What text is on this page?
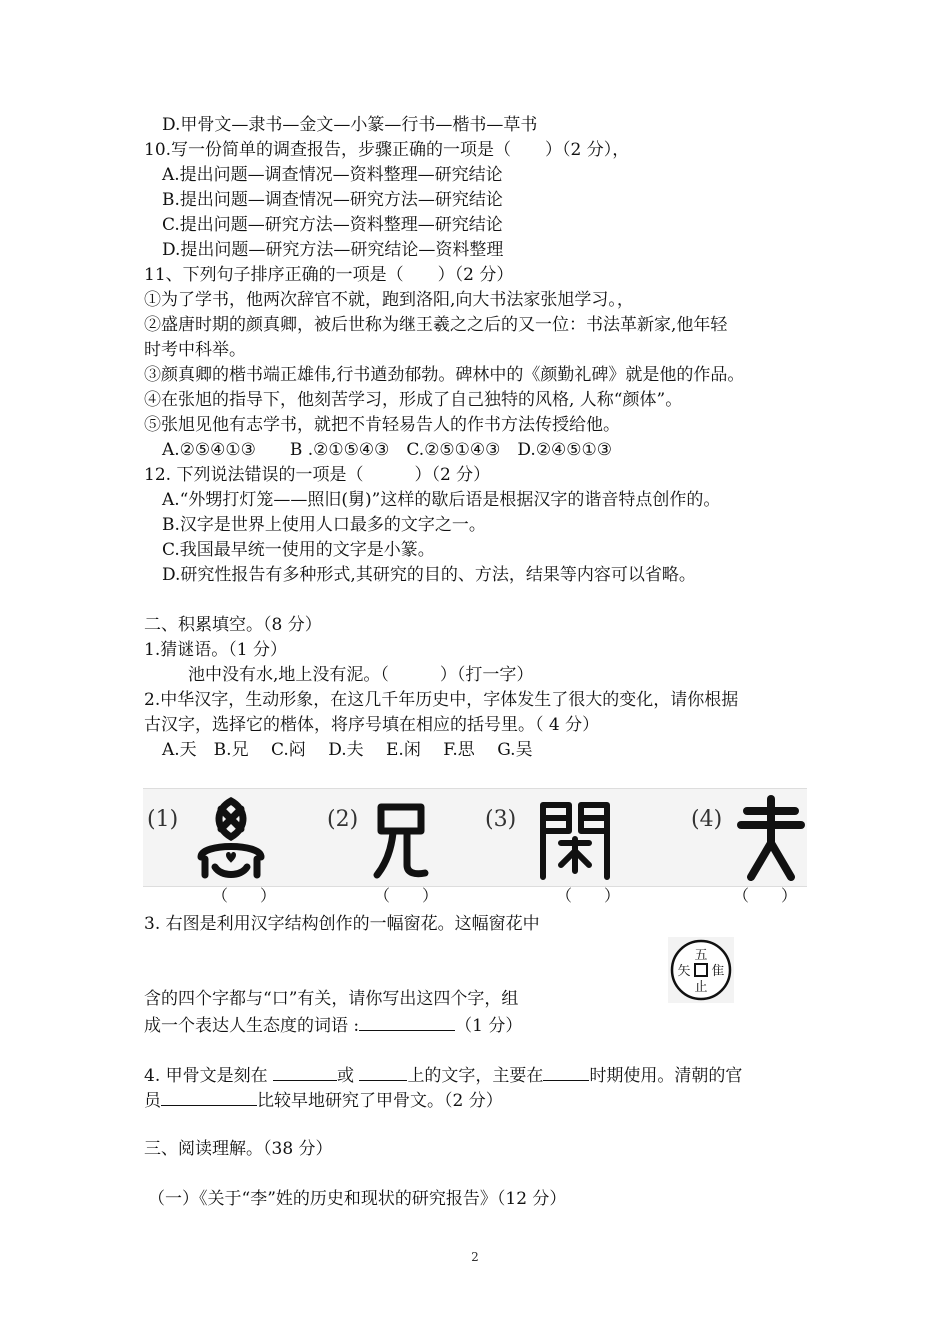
D.甲骨文—隶书—金文—小篆—行书—楷书—草书
10.写一份简单的调查报告，步骤正确的一项是（　　）（2 分），
A.提出问题—调查情况—资料整理—研究结论
B.提出问题—调查情况—研究方法—研究结论
C.提出问题—研究方法—资料整理—研究结论
D.提出问题—研究方法—研究结论—资料整理
11、下列句子排序正确的一项是（　　）（2 分）
①为了学书，他两次辞官不就，跑到洛阳,向大书法家张旭学习。，
②盛唐时期的颜真卿，被后世称为继王羲之之后的又一位：书法革新家,他年轻
时考中科举。
③颜真卿的楷书端正雄伟,行书遒劲郁勃。碑林中的《颜勤礼碑》就是他的作品。
④在张旭的指导下，他刻苦学习，形成了自己独特的风格, 人称“颜体”。
⑤张旭见他有志学书，就把不肯轻易告人的作书方法传授给他。
A.②⑤④①③　　B .②①⑤④③　C.②⑤①④③　D.②④⑤①③
12. 下列说法错误的一项是（　　　）（2 分）
A.“外甥打灯笼——照旧(舅)”这样的歇后语是根据汉字的谐音特点创作的。
B.汉字是世界上使用人口最多的文字之一。
C.我国最早统一使用的文字是小篆。
D.研究性报告有多种形式,其研究的目的、方法，结果等内容可以省略。
二、积累填空。（8 分）
1.猜谜语。（1 分）
池中没有水,地上没有泥。（　　　）（打一字）
2.中华汉字，生动形象，在这几千年历史中，字体发生了很大的变化，请你根据
古汉字，选择它的楷体，将序号填在相应的括号里。（ 4 分）
A.天　B.兄　 C.闷　 D.夫　 E.闲　 F.思　 G.吴
(1)	(2)	(3)	(4)
（　　）	（　　）	（　　）	（　　）
3. 右图是利用汉字结构创作的一幅窗花。这幅窗花中
五
隹
矢
止
含的四个字都与“口”有关，请你写出这四个字，组
成一个表达人生态度的词语 :	（1 分）
4. 甲骨文是刻在	或	上的文字，主要在	时期使用。清朝的官
员	比较早地研究了甲骨文。（2 分）
三、阅读理解。（38 分）
（一）《关于“李”姓的历史和现状的研究报告》（12 分）
2
